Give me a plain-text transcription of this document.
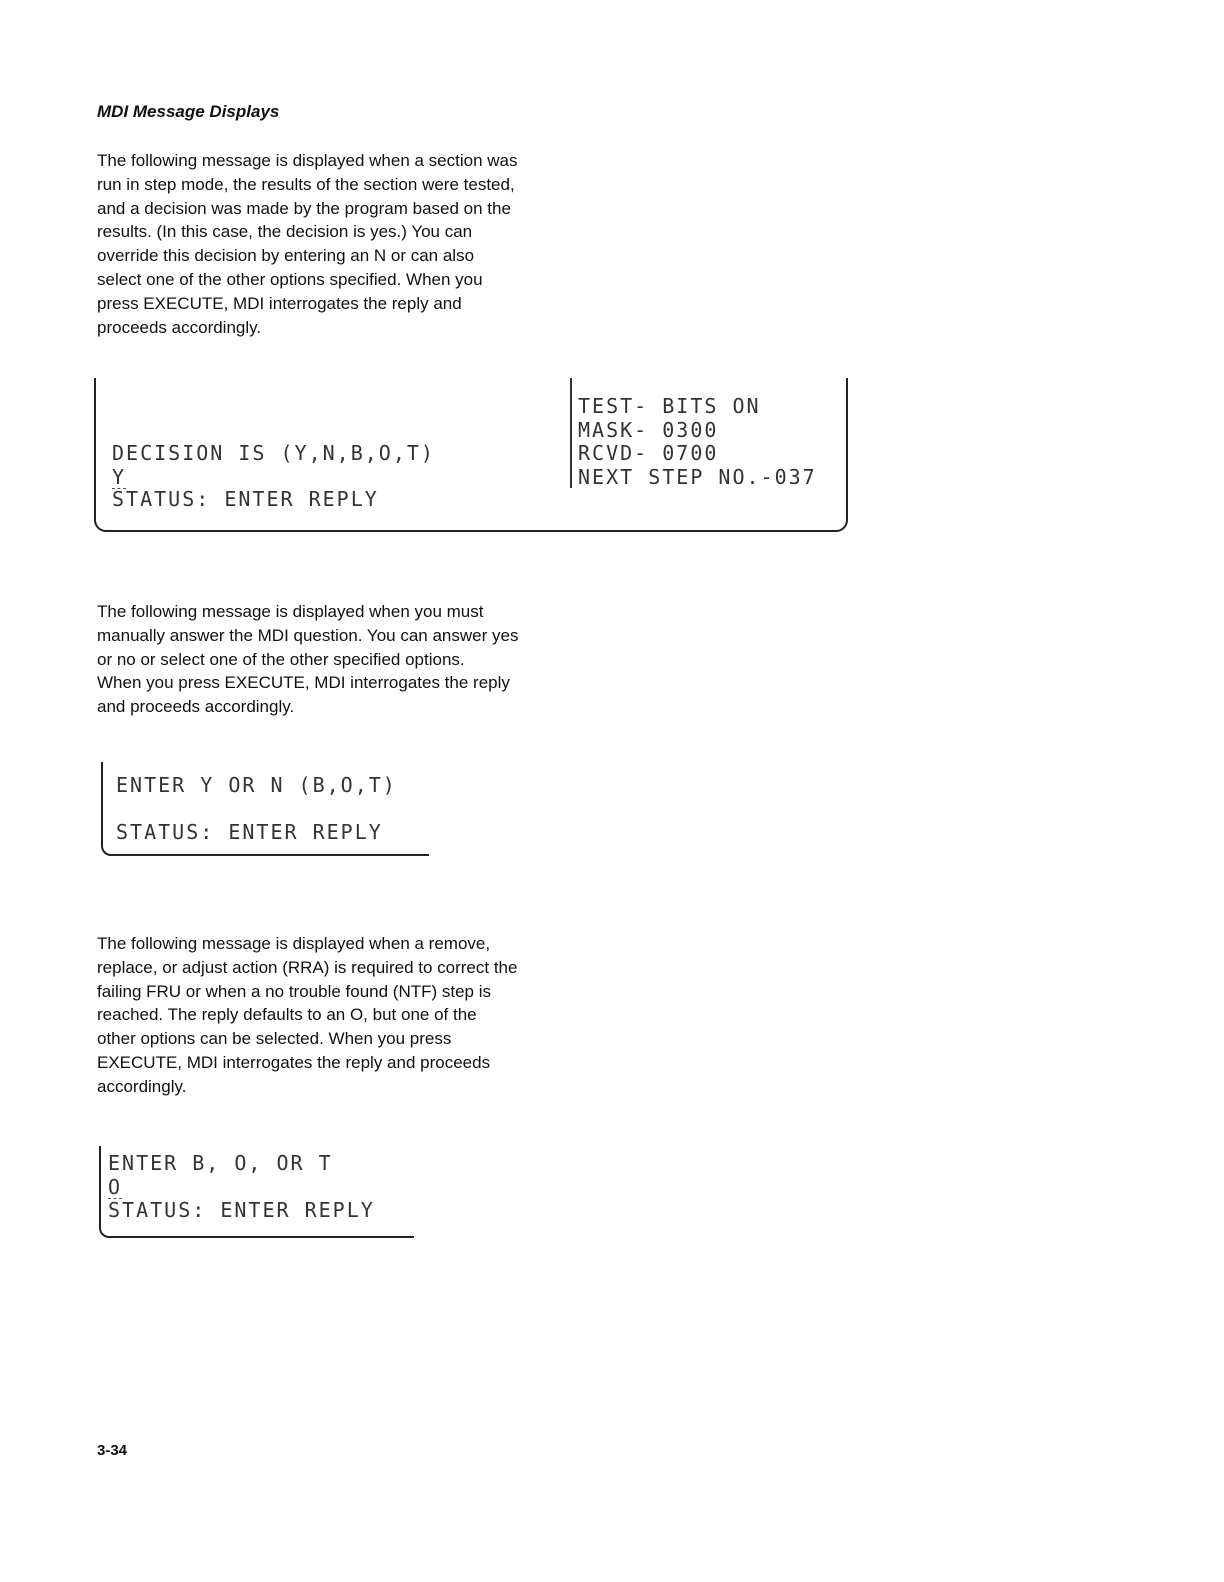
MDI Message Displays

The following message is displayed when a section was
run in step mode, the results of the section were tested,
and a decision was made by the program based on the
results. (In this case, the decision is yes.) You can
override this decision by entering an N or can also
select one of the other options specified. When you
press EXECUTE, MDI interrogates the reply and
proceeds accordingly.

DECISION IS (Y,N,B,O,T)
Y
STATUS: ENTER REPLY
TEST- BITS ON
MASK- 0300
RCVD- 0700
NEXT STEP NO.-037

The following message is displayed when you must
manually answer the MDI question. You can answer yes
or no or select one of the other specified options.
When you press EXECUTE, MDI interrogates the reply
and proceeds accordingly.

ENTER Y OR N (B,O,T)
STATUS: ENTER REPLY

The following message is displayed when a remove,
replace, or adjust action (RRA) is required to correct the
failing FRU or when a no trouble found (NTF) step is
reached. The reply defaults to an O, but one of the
other options can be selected. When you press
EXECUTE, MDI interrogates the reply and proceeds
accordingly.

ENTER B, O, OR T
O
STATUS: ENTER REPLY
3-34
